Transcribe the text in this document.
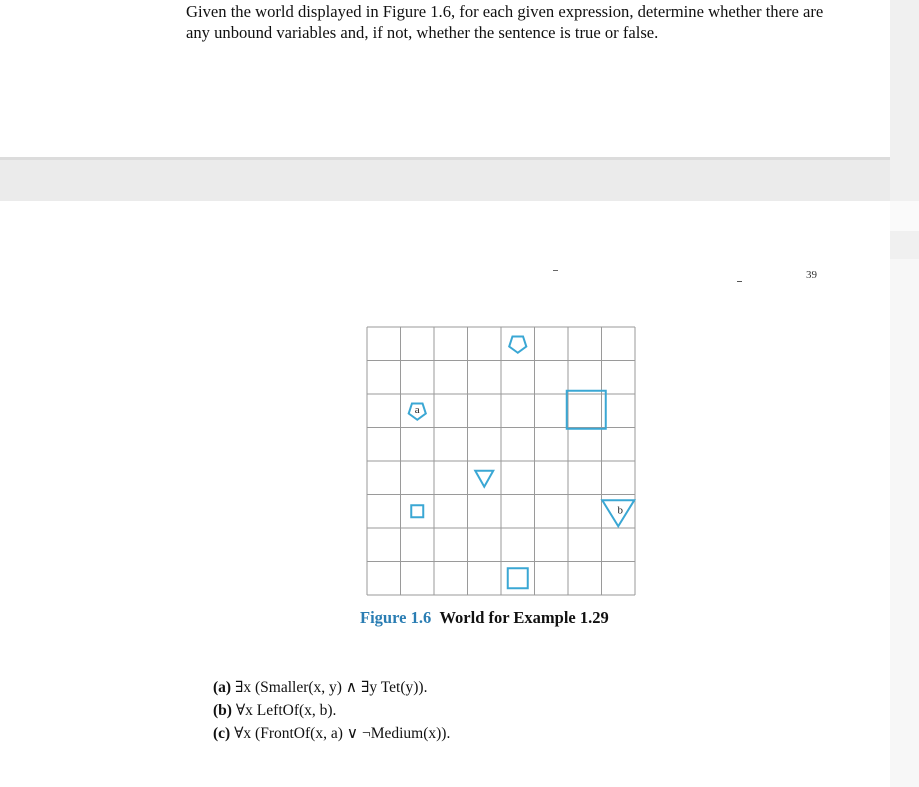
Given the world displayed in Figure 1.6, for each given expression, determine whether there are any unbound variables and, if not, whether the sentence is true or false.

39
a
b
Figure 1.6 World for Example 1.29
(a) ∃x (Smaller(x, y) ∧ ∃y Tet(y)).
(b) ∀x LeftOf(x, b).
(c) ∀x (FrontOf(x, a) ∨ ¬Medium(x)).
